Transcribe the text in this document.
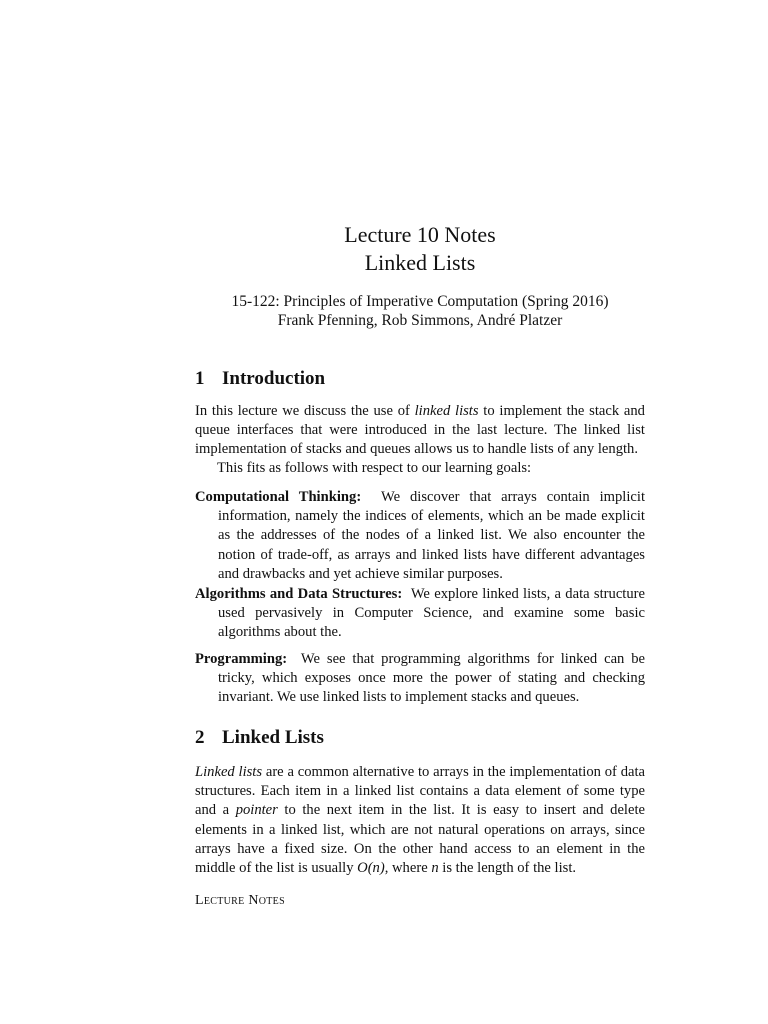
Lecture 10 Notes
Linked Lists
15-122: Principles of Imperative Computation (Spring 2016)
Frank Pfenning, Rob Simmons, André Platzer
1 Introduction

In this lecture we discuss the use of linked lists to implement the stack and queue interfaces that were introduced in the last lecture. The linked list implementation of stacks and queues allows us to handle lists of any length.

This fits as follows with respect to our learning goals:

Computational Thinking: We discover that arrays contain implicit information, namely the indices of elements, which an be made explicit as the addresses of the nodes of a linked list. We also encounter the notion of trade-off, as arrays and linked lists have different advantages and drawbacks and yet achieve similar purposes.

Algorithms and Data Structures: We explore linked lists, a data structure used pervasively in Computer Science, and examine some basic algorithms about the.

Programming: We see that programming algorithms for linked can be tricky, which exposes once more the power of stating and checking invariant. We use linked lists to implement stacks and queues.

2 Linked Lists

Linked lists are a common alternative to arrays in the implementation of data structures. Each item in a linked list contains a data element of some type and a pointer to the next item in the list. It is easy to insert and delete elements in a linked list, which are not natural operations on arrays, since arrays have a fixed size. On the other hand access to an element in the middle of the list is usually O(n), where n is the length of the list.

Lecture Notes
